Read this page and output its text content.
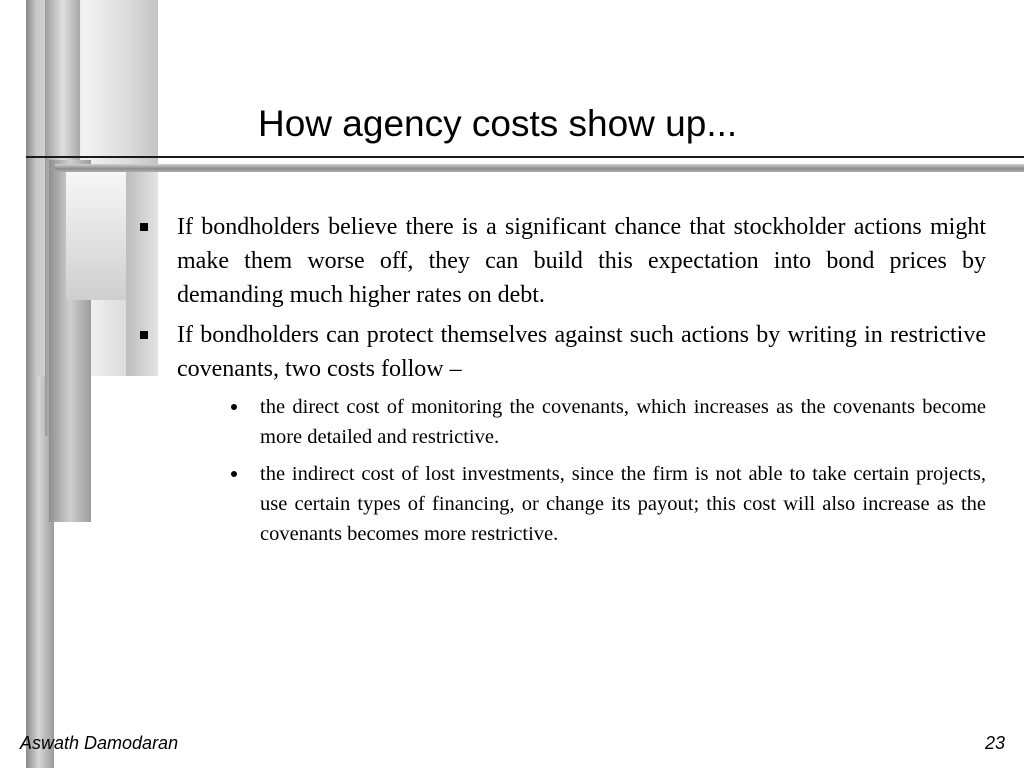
How agency costs show up...
If bondholders believe there is a significant chance that stockholder actions might make them worse off, they can build this expectation into bond prices by demanding much higher rates on debt.
If bondholders can protect themselves against such actions by writing in restrictive covenants, two costs follow –
the direct cost of monitoring the covenants, which increases as the covenants become more detailed and restrictive.
the indirect cost of lost investments, since the firm is not able to take certain projects, use certain types of financing, or change its payout; this cost will also increase as the covenants becomes more restrictive.
Aswath Damodaran	23
